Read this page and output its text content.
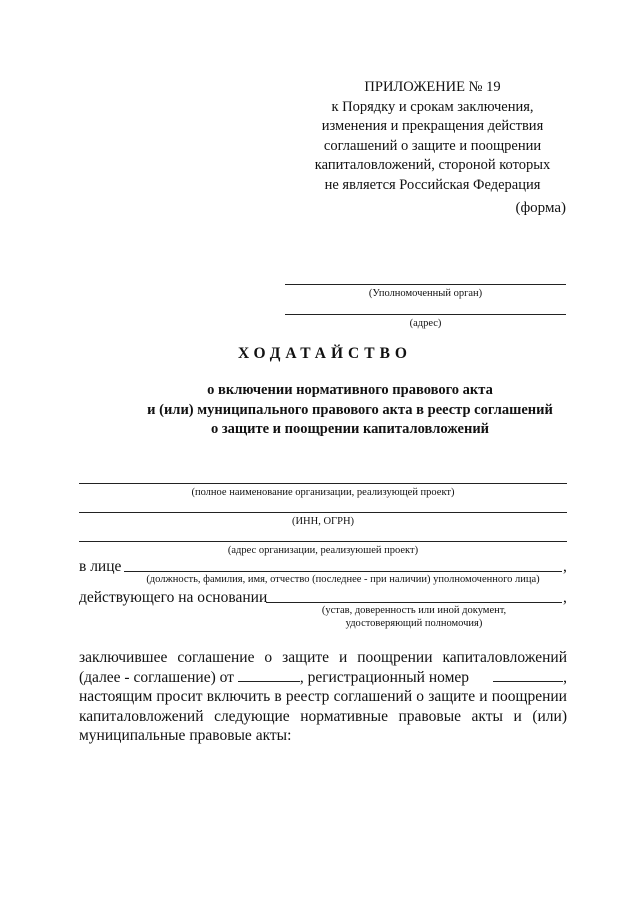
ПРИЛОЖЕНИЕ № 19
к Порядку и срокам заключения,
изменения и прекращения действия
соглашений о защите и поощрении
капиталовложений, стороной которых
не является Российская Федерация
(форма)
(Уполномоченный орган)
(адрес)
ХОДАТАЙСТВО
о включении нормативного правового акта
и (или) муниципального правового акта в реестр соглашений
о защите и поощрении капиталовложений
(полное наименование организации, реализующей проект)
(ИНН, ОГРН)
(адрес организации, реализуюшей проект)
в лице	,
(должность, фамилия, имя, отчество (последнее - при наличии) уполномоченного лица)
действующего на основании	,
(устав, доверенность или иной документ,
удостоверяющий полномочия)
заключившее соглашение о защите и поощрении капиталовложений
(далее - соглашение) от	, регистрационный номер	,
настоящим просит включить в реестр соглашений о защите и поощрении
капиталовложений следующие нормативные правовые акты и (или)
муниципальные правовые акты:
